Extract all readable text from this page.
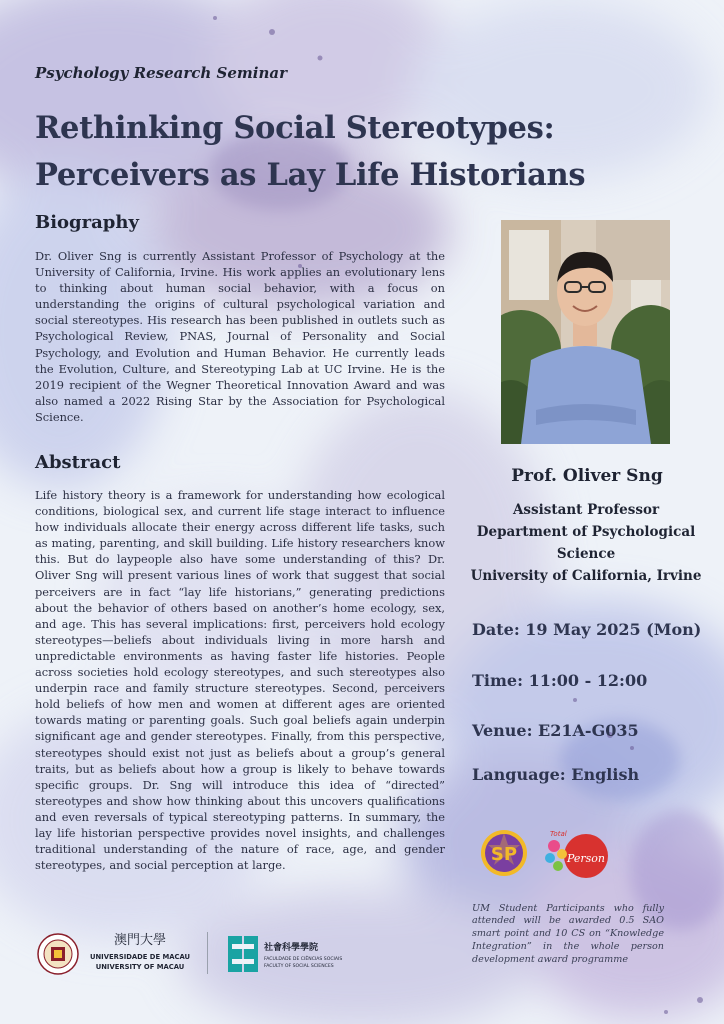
Psychology Research Seminar
Rethinking Social Stereotypes:
Perceivers as Lay Life Historians
Biography

Dr. Oliver Sng is currently Assistant Professor of Psychology at the University of California, Irvine. His work applies an evolutionary lens to thinking about human social behavior, with a focus on understanding the origins of cultural psychological variation and social stereotypes. His research has been published in outlets such as Psychological Review, PNAS, Journal of Personality and Social Psychology, and Evolution and Human Behavior. He currently leads the Evolution, Culture, and Stereotyping Lab at UC Irvine. He is the 2019 recipient of the Wegner Theoretical Innovation Award and was also named a 2022 Rising Star by the Association for Psychological Science.

Prof. Oliver Sng
Assistant Professor
Department of Psychological
Science
University of California, Irvine
Abstract

Life history theory is a framework for understanding how ecological conditions, biological sex, and current life stage interact to influence how individuals allocate their energy across different life tasks, such as mating, parenting, and skill building. Life history researchers know this. But do laypeople also have some understanding of this? Dr. Oliver Sng will present various lines of work that suggest that social perceivers are in fact “lay life historians,” generating predictions about the behavior of others based on another’s home ecology, sex, and age. This has several implications: first, perceivers hold ecology stereotypes—beliefs about individuals living in more harsh and unpredictable environments as having faster life histories. People across societies hold ecology stereotypes, and such stereotypes also underpin race and family structure stereotypes. Second, perceivers hold beliefs of how men and women at different ages are oriented towards mating or parenting goals. Such goal beliefs again underpin significant age and gender stereotypes. Finally, from this perspective, stereotypes should exist not just as beliefs about a group’s general traits, but as beliefs about how a group is likely to behave towards specific groups. Dr. Sng will introduce this idea of “directed” stereotypes and show how thinking about this uncovers qualifications and even reversals of typical stereotyping patterns. In summary, the lay life historian perspective provides novel insights, and challenges traditional understanding of the nature of race, age, and gender stereotypes, and social perception at large.

Date: 19 May 2025 (Mon)
Time: 11:00 - 12:00
Venue: E21A-G035
Language: English
SP	Person
Total

UM Student Participants who fully attended will be awarded 0.5 SAO smart point and 10 CS on “Knowledge Integration” in the whole person development award programme

澳門大學
UNIVERSIDADE DE MACAU
UNIVERSITY OF MACAU
社會科學學院
FACULDADE DE CIÊNCIAS SOCIAIS
FACULTY OF SOCIAL SCIENCES
